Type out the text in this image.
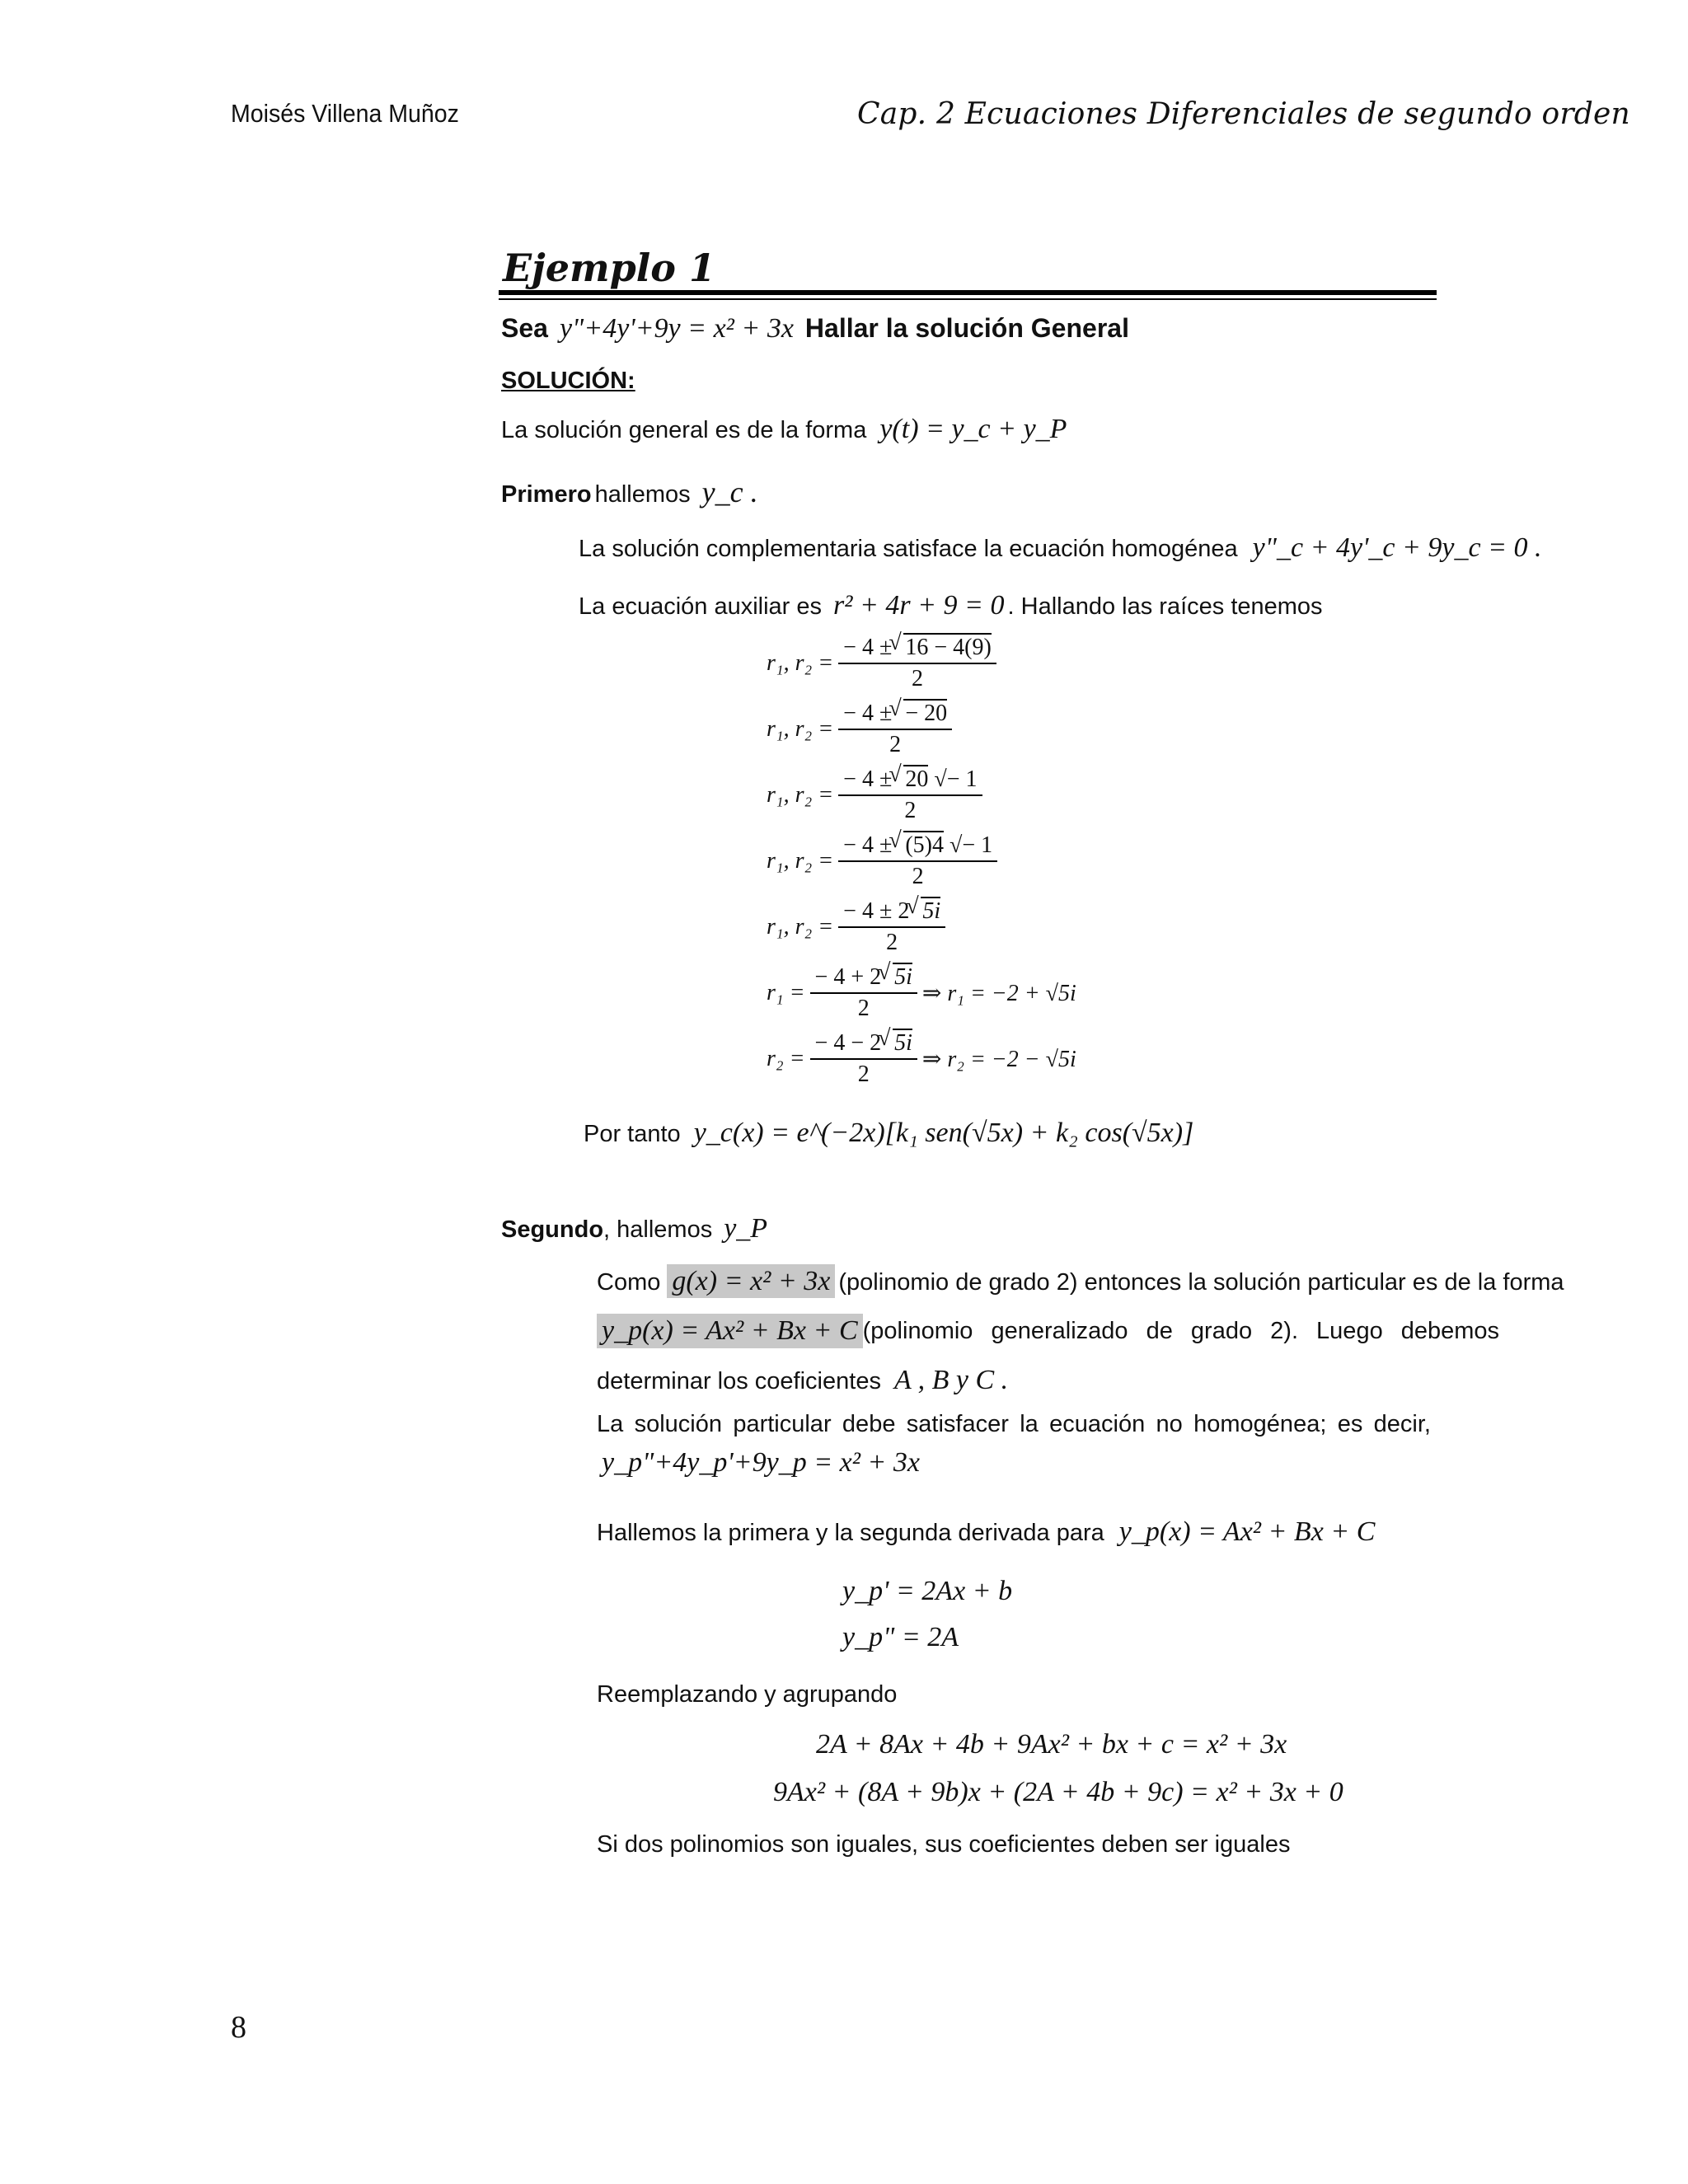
Moisés Villena Muñoz	Cap. 2 Ecuaciones Diferenciales de segundo orden
Ejemplo 1
Sea y"+4y'+9y = x² + 3x Hallar la solución General
SOLUCIÓN:
La solución general es de la forma y(t) = y_c + y_P
Primero hallemos y_c .
La solución complementaria satisface la ecuación homogénea y"_c + 4y'_c + 9y_c = 0 .
La ecuación auxiliar es r² + 4r + 9 = 0 . Hallando las raíces tenemos
r₁, $r_2 = \frac{- 4 \pm √ 16 - 4(9)}{2}$
r₁, $r_2 = \frac{- 4 \pm √ - 20}{2}$
r₁, $r_2 = \frac{- 4 \pm √ 20 √- 1}{2}$
r₁, $r_2 = \frac{- 4 \pm √ (5)4 √- 1}{2}$
r₁, $r_2 = \frac{- 4 \pm 2 √ 5i}{2}$
$r_1 = \frac{- 4 + 2 √ 5i}{2}$ ⇒ r₁ = −2 + √5i
$r_2 = \frac{- 4 - 2 √ 5i}{2}$ ⇒ r₂ = −2 − √5i
Por tanto y_c(x) = e^(−2x)[k₁ sen(√5x) + k₂ cos(√5x)]
Segundo, hallemos y_P
Como g(x) = x² + 3x (polinomio de grado 2) entonces la solución particular es de la forma
y_p(x) = Ax² + Bx + C (polinomio generalizado de grado 2). Luego debemos
determinar los coeficientes A , B y C .
La solución particular debe satisfacer la ecuación no homogénea; es decir,
y_p"+4y_p'+9y_p = x² + 3x
Hallemos la primera y la segunda derivada para y_p(x) = Ax² + Bx + C
y_p' = 2Ax + b
y_p" = 2A
Reemplazando y agrupando
2A + 8Ax + 4b + 9Ax² + bx + c = x² + 3x
9Ax² + (8A + 9b)x + (2A + 4b + 9c) = x² + 3x + 0
Si dos polinomios son iguales, sus coeficientes deben ser iguales
8
